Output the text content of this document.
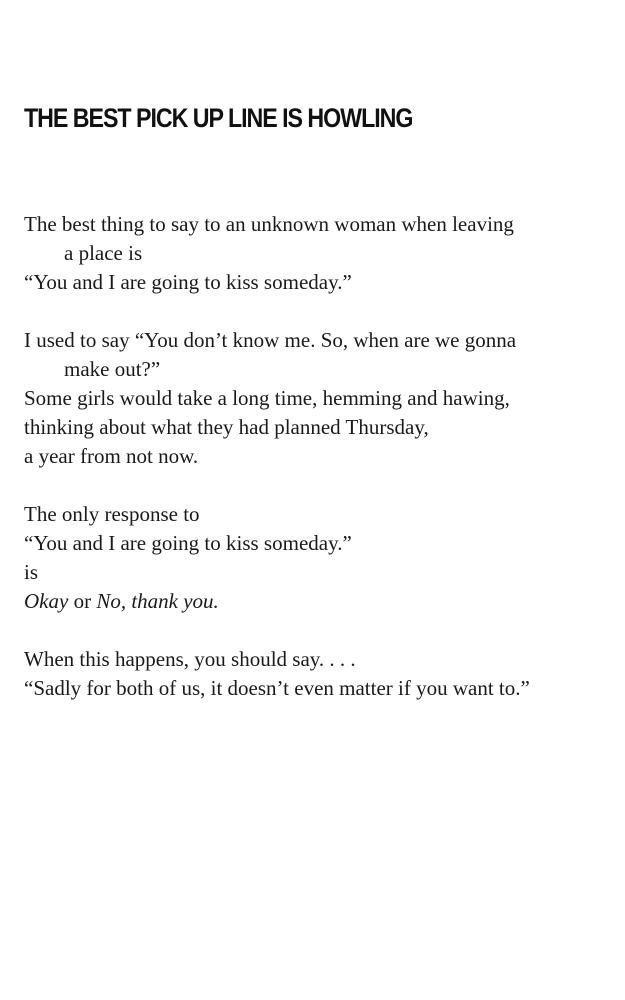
THE BEST PICK UP LINE IS HOWLING
The best thing to say to an unknown woman when leaving
a place is
“You and I are going to kiss someday.”
I used to say “You don’t know me. So, when are we gonna
make out?”
Some girls would take a long time, hemming and hawing,
thinking about what they had planned Thursday,
a year from not now.
The only response to
“You and I are going to kiss someday.”
is
Okay or No, thank you.
When this happens, you should say. . . .
“Sadly for both of us, it doesn’t even matter if you want to.”
